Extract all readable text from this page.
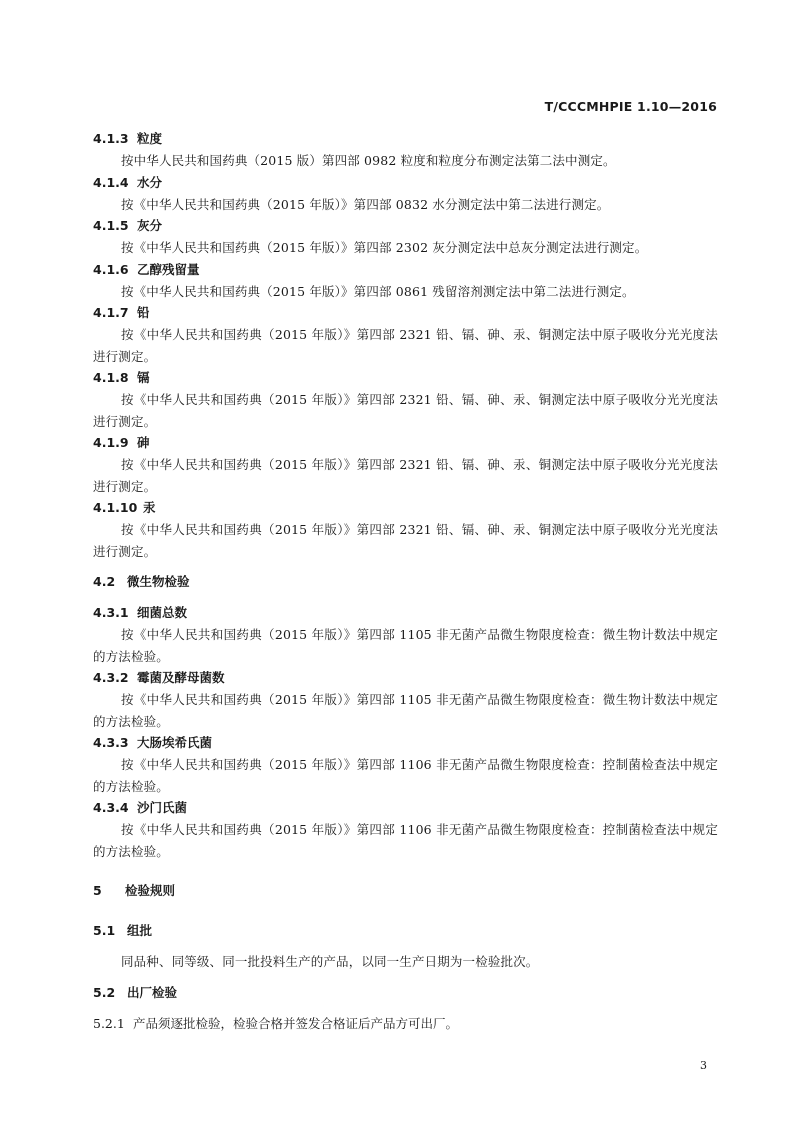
T/CCCMHPIE 1.10—2016
4.1.3 粒度
按中华人民共和国药典（2015 版）第四部 0982 粒度和粒度分布测定法第二法中测定。
4.1.4 水分
按《中华人民共和国药典（2015 年版）》第四部 0832 水分测定法中第二法进行测定。
4.1.5 灰分
按《中华人民共和国药典（2015 年版）》第四部 2302 灰分测定法中总灰分测定法进行测定。
4.1.6 乙醇残留量
按《中华人民共和国药典（2015 年版）》第四部 0861 残留溶剂测定法中第二法进行测定。
4.1.7 铅
按《中华人民共和国药典（2015 年版）》第四部 2321 铅、镉、砷、汞、铜测定法中原子吸收分光光度法进行测定。
4.1.8 镉
按《中华人民共和国药典（2015 年版）》第四部 2321 铅、镉、砷、汞、铜测定法中原子吸收分光光度法进行测定。
4.1.9 砷
按《中华人民共和国药典（2015 年版）》第四部 2321 铅、镉、砷、汞、铜测定法中原子吸收分光光度法进行测定。
4.1.10 汞
按《中华人民共和国药典（2015 年版）》第四部 2321 铅、镉、砷、汞、铜测定法中原子吸收分光光度法进行测定。
4.2 微生物检验
4.3.1 细菌总数
按《中华人民共和国药典（2015 年版）》第四部 1105 非无菌产品微生物限度检查：微生物计数法中规定的方法检验。
4.3.2 霉菌及酵母菌数
按《中华人民共和国药典（2015 年版）》第四部 1105 非无菌产品微生物限度检查：微生物计数法中规定的方法检验。
4.3.3 大肠埃希氏菌
按《中华人民共和国药典（2015 年版）》第四部 1106 非无菌产品微生物限度检查：控制菌检查法中规定的方法检验。
4.3.4 沙门氏菌
按《中华人民共和国药典（2015 年版）》第四部 1106 非无菌产品微生物限度检查：控制菌检查法中规定的方法检验。
5 检验规则
5.1 组批
同品种、同等级、同一批投料生产的产品，以同一生产日期为一检验批次。
5.2 出厂检验
5.2.1 产品须逐批检验，检验合格并签发合格证后产品方可出厂。
3
